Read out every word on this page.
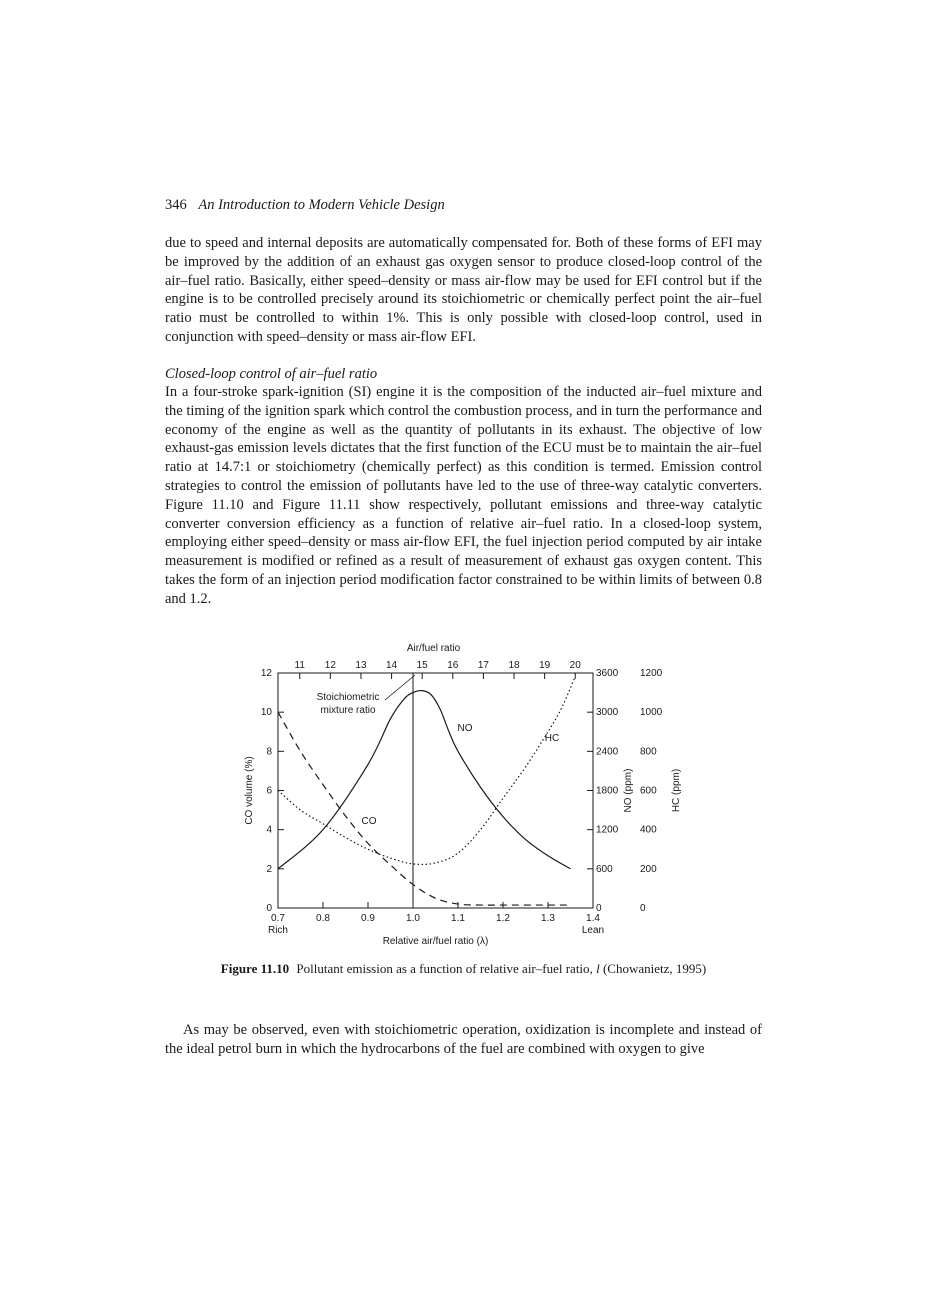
346 An Introduction to Modern Vehicle Design

due to speed and internal deposits are automatically compensated for. Both of these forms of EFI may be improved by the addition of an exhaust gas oxygen sensor to produce closed-loop control of the air–fuel ratio. Basically, either speed–density or mass air-flow may be used for EFI control but if the engine is to be controlled precisely around its stoichiometric or chemically perfect point the air–fuel ratio must be controlled to within 1%. This is only possible with closed-loop control, used in conjunction with speed–density or mass air-flow EFI.

Closed-loop control of air–fuel ratio

In a four-stroke spark-ignition (SI) engine it is the composition of the inducted air–fuel mixture and the timing of the ignition spark which control the combustion process, and in turn the performance and economy of the engine as well as the quantity of pollutants in its exhaust. The objective of low exhaust-gas emission levels dictates that the first function of the ECU must be to maintain the air–fuel ratio at 14.7:1 or stoichiometry (chemically perfect) as this condition is termed. Emission control strategies to control the emission of pollutants have led to the use of three-way catalytic converters. Figure 11.10 and Figure 11.11 show respectively, pollutant emissions and three-way catalytic converter conversion efficiency as a function of relative air–fuel ratio. In a closed-loop system, employing either speed–density or mass air-flow EFI, the fuel injection period computed by air intake measurement is modified or refined as a result of measurement of exhaust gas oxygen content. This takes the form of an injection period modification factor constrained to be within limits of between 0.8 and 1.2.

0.7	0.8	0.9	1.0	1.1	1.2	1.3	1.4
Rich	Lean
Relative air/fuel ratio (λ)
11 12 13 14 15 16 17 18 19 20
Air/fuel ratio
0
2
4
6
8
10
12
CO volume (%)
0
600
1200
1800
2400
3000
3600
NO (ppm)
0
200
400
600
800
1000
1200
HC (ppm)
Stoichiometric
mixture ratio
CO
NO
HC
Figure 11.10 Pollutant emission as a function of relative air–fuel ratio, l (Chowanietz, 1995)

As may be observed, even with stoichiometric operation, oxidization is incomplete and instead of the ideal petrol burn in which the hydrocarbons of the fuel are combined with oxygen to give
